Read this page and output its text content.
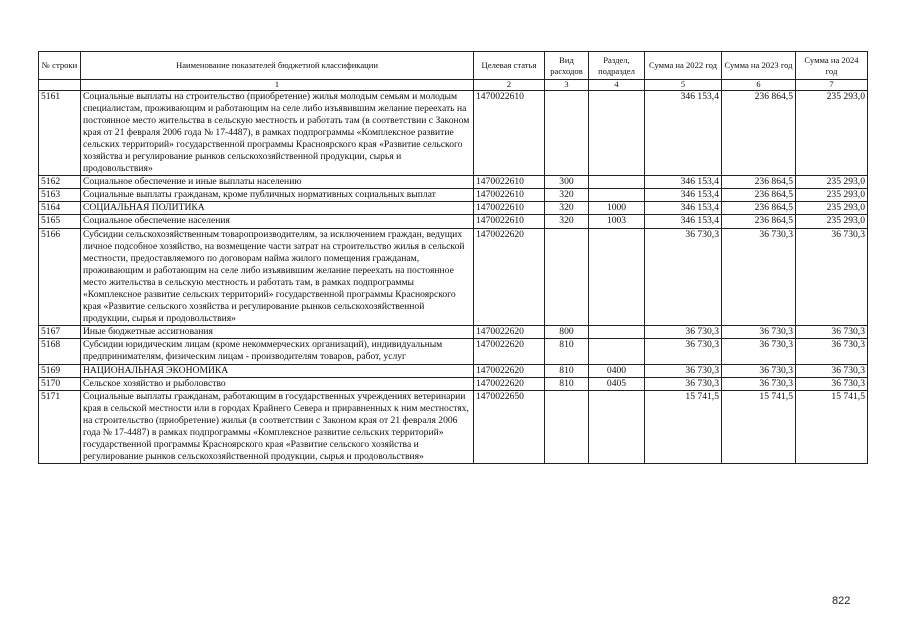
№ строки	Наименование показателей бюджетной классификации	Целевая статья	Вид расходов	Раздел, подраздел	Сумма на 2022 год	Сумма на 2023 год	Сумма на 2024 год
	1	2	3	4	5	6	7
5161	Социальные выплаты на строительство (приобретение) жилья молодым семьям и молодым специалистам, проживающим и работающим на селе либо изъявившим желание переехать на постоянное место жительства в сельскую местность и работать там (в соответствии с Законом края от 21 февраля 2006 года № 17-4487), в рамках подпрограммы «Комплексное развитие сельских территорий» государственной программы Красноярского края «Развитие сельского хозяйства и регулирование рынков сельскохозяйственной продукции, сырья и продовольствия»	1470022610			346 153,4	236 864,5	235 293,0
5162	Социальное обеспечение и иные выплаты населению	1470022610	300		346 153,4	236 864,5	235 293,0
5163	Социальные выплаты гражданам, кроме публичных нормативных социальных выплат	1470022610	320		346 153,4	236 864,5	235 293,0
5164	СОЦИАЛЬНАЯ ПОЛИТИКА	1470022610	320	1000	346 153,4	236 864,5	235 293,0
5165	Социальное обеспечение населения	1470022610	320	1003	346 153,4	236 864,5	235 293,0
5166	Субсидии сельскохозяйственным товаропроизводителям, за исключением граждан, ведущих личное подсобное хозяйство, на возмещение части затрат на строительство жилья в сельской местности, предоставляемого по договорам найма жилого помещения гражданам, проживающим и работающим на селе либо изъявившим желание переехать на постоянное место жительства в сельскую местность и работать там, в рамках подпрограммы «Комплексное развитие сельских территорий» государственной программы Красноярского края «Развитие сельского хозяйства и регулирование рынков сельскохозяйственной продукции, сырья и продовольствия»	1470022620			36 730,3	36 730,3	36 730,3
5167	Иные бюджетные ассигнования	1470022620	800		36 730,3	36 730,3	36 730,3
5168	Субсидии юридическим лицам (кроме некоммерческих организаций), индивидуальным предпринимателям, физическим лицам - производителям товаров, работ, услуг	1470022620	810		36 730,3	36 730,3	36 730,3
5169	НАЦИОНАЛЬНАЯ ЭКОНОМИКА	1470022620	810	0400	36 730,3	36 730,3	36 730,3
5170	Сельское хозяйство и рыболовство	1470022620	810	0405	36 730,3	36 730,3	36 730,3
5171	Социальные выплаты гражданам, работающим в государственных учреждениях ветеринарии края в сельской местности или в городах Крайнего Севера и приравненных к ним местностях, на строительство (приобретение) жилья (в соответствии с Законом края от 21 февраля 2006 года № 17-4487) в рамках подпрограммы «Комплексное развитие сельских территорий» государственной программы Красноярского края «Развитие сельского хозяйства и регулирование рынков сельскохозяйственной продукции, сырья и продовольствия»	1470022650			15 741,5	15 741,5	15 741,5
822
